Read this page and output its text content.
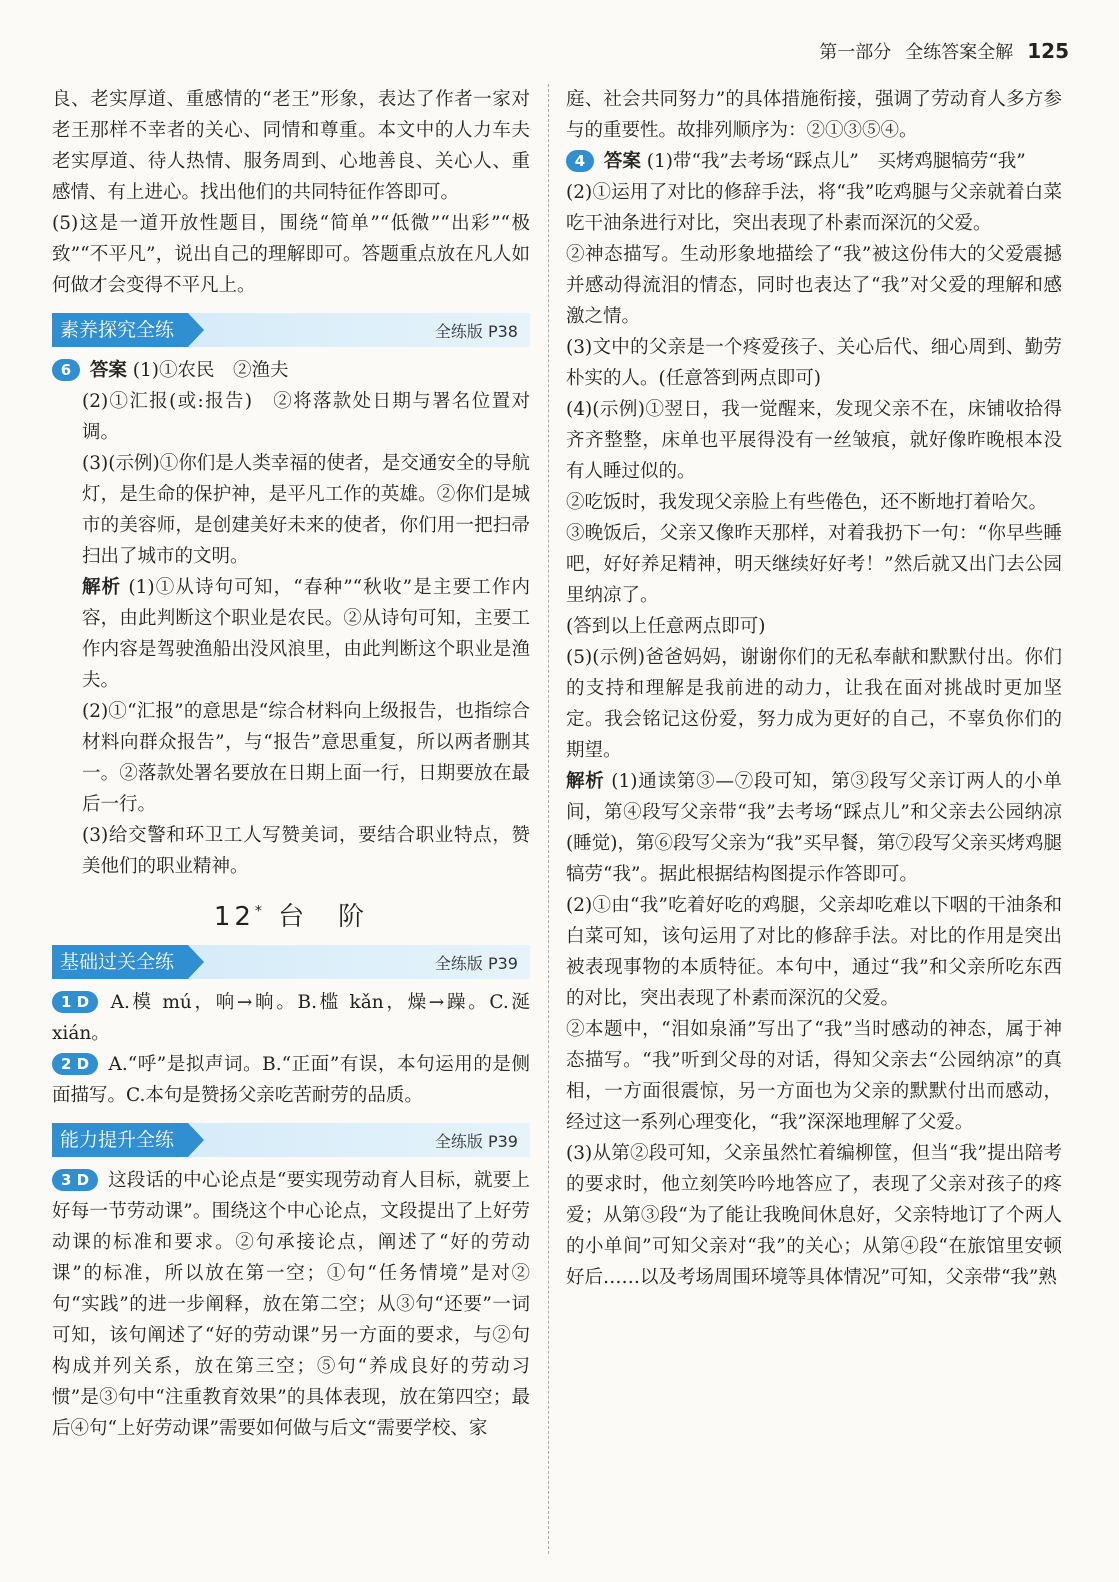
第一部分 全练答案全解 125

良、老实厚道、重感情的“老王”形象，表达了作者一家对老王那样不幸者的关心、同情和尊重。本文中的人力车夫老实厚道、待人热情、服务周到、心地善良、关心人、重感情、有上进心。找出他们的共同特征作答即可。

(5)这是一道开放性题目，围绕“简单”“低微”“出彩”“极致”“不平凡”，说出自己的理解即可。答题重点放在凡人如何做才会变得不平凡上。

素养探究全练	全练版 P38

6 答案 (1)①农民　②渔夫

(2)①汇报(或:报告)　②将落款处日期与署名位置对调。

(3)(示例)①你们是人类幸福的使者，是交通安全的导航灯，是生命的保护神，是平凡工作的英雄。②你们是城市的美容师，是创建美好未来的使者，你们用一把扫帚扫出了城市的文明。

解析 (1)①从诗句可知，“春种”“秋收”是主要工作内容，由此判断这个职业是农民。②从诗句可知，主要工作内容是驾驶渔船出没风浪里，由此判断这个职业是渔夫。

(2)①“汇报”的意思是“综合材料向上级报告，也指综合材料向群众报告”，与“报告”意思重复，所以两者删其一。②落款处署名要放在日期上面一行，日期要放在最后一行。

(3)给交警和环卫工人写赞美词，要结合职业特点，赞美他们的职业精神。

12* 台　阶
基础过关全练	全练版 P39

1 D A.模 mú，响→晌。B.槛 kǎn，燥→躁。C.涎 xián。

2 D A.“呼”是拟声词。B.“正面”有误，本句运用的是侧面描写。C.本句是赞扬父亲吃苦耐劳的品质。

能力提升全练	全练版 P39

3 D 这段话的中心论点是“要实现劳动育人目标，就要上好每一节劳动课”。围绕这个中心论点，文段提出了上好劳动课的标准和要求。②句承接论点，阐述了“好的劳动课”的标准，所以放在第一空；①句“任务情境”是对②句“实践”的进一步阐释，放在第二空；从③句“还要”一词可知，该句阐述了“好的劳动课”另一方面的要求，与②句构成并列关系，放在第三空；⑤句“养成良好的劳动习惯”是③句中“注重教育效果”的具体表现，放在第四空；最后④句“上好劳动课”需要如何做与后文“需要学校、家

庭、社会共同努力”的具体措施衔接，强调了劳动育人多方参与的重要性。故排列顺序为：②①③⑤④。

4 答案 (1)带“我”去考场“踩点儿”　买烤鸡腿犒劳“我”

(2)①运用了对比的修辞手法，将“我”吃鸡腿与父亲就着白菜吃干油条进行对比，突出表现了朴素而深沉的父爱。

②神态描写。生动形象地描绘了“我”被这份伟大的父爱震撼并感动得流泪的情态，同时也表达了“我”对父爱的理解和感激之情。

(3)文中的父亲是一个疼爱孩子、关心后代、细心周到、勤劳朴实的人。(任意答到两点即可)

(4)(示例)①翌日，我一觉醒来，发现父亲不在，床铺收拾得齐齐整整，床单也平展得没有一丝皱痕，就好像昨晚根本没有人睡过似的。

②吃饭时，我发现父亲脸上有些倦色，还不断地打着哈欠。

③晚饭后，父亲又像昨天那样，对着我扔下一句：“你早些睡吧，好好养足精神，明天继续好好考！”然后就又出门去公园里纳凉了。

(答到以上任意两点即可)

(5)(示例)爸爸妈妈，谢谢你们的无私奉献和默默付出。你们的支持和理解是我前进的动力，让我在面对挑战时更加坚定。我会铭记这份爱，努力成为更好的自己，不辜负你们的期望。

解析 (1)通读第③—⑦段可知，第③段写父亲订两人的小单间，第④段写父亲带“我”去考场“踩点儿”和父亲去公园纳凉(睡觉)，第⑥段写父亲为“我”买早餐，第⑦段写父亲买烤鸡腿犒劳“我”。据此根据结构图提示作答即可。

(2)①由“我”吃着好吃的鸡腿，父亲却吃难以下咽的干油条和白菜可知，该句运用了对比的修辞手法。对比的作用是突出被表现事物的本质特征。本句中，通过“我”和父亲所吃东西的对比，突出表现了朴素而深沉的父爱。

②本题中，“泪如泉涌”写出了“我”当时感动的神态，属于神态描写。“我”听到父母的对话，得知父亲去“公园纳凉”的真相，一方面很震惊，另一方面也为父亲的默默付出而感动，经过这一系列心理变化，“我”深深地理解了父爱。

(3)从第②段可知，父亲虽然忙着编柳筐，但当“我”提出陪考的要求时，他立刻笑吟吟地答应了，表现了父亲对孩子的疼爱；从第③段“为了能让我晚间休息好，父亲特地订了个两人的小单间”可知父亲对“我”的关心；从第④段“在旅馆里安顿好后……以及考场周围环境等具体情况”可知，父亲带“我”熟
